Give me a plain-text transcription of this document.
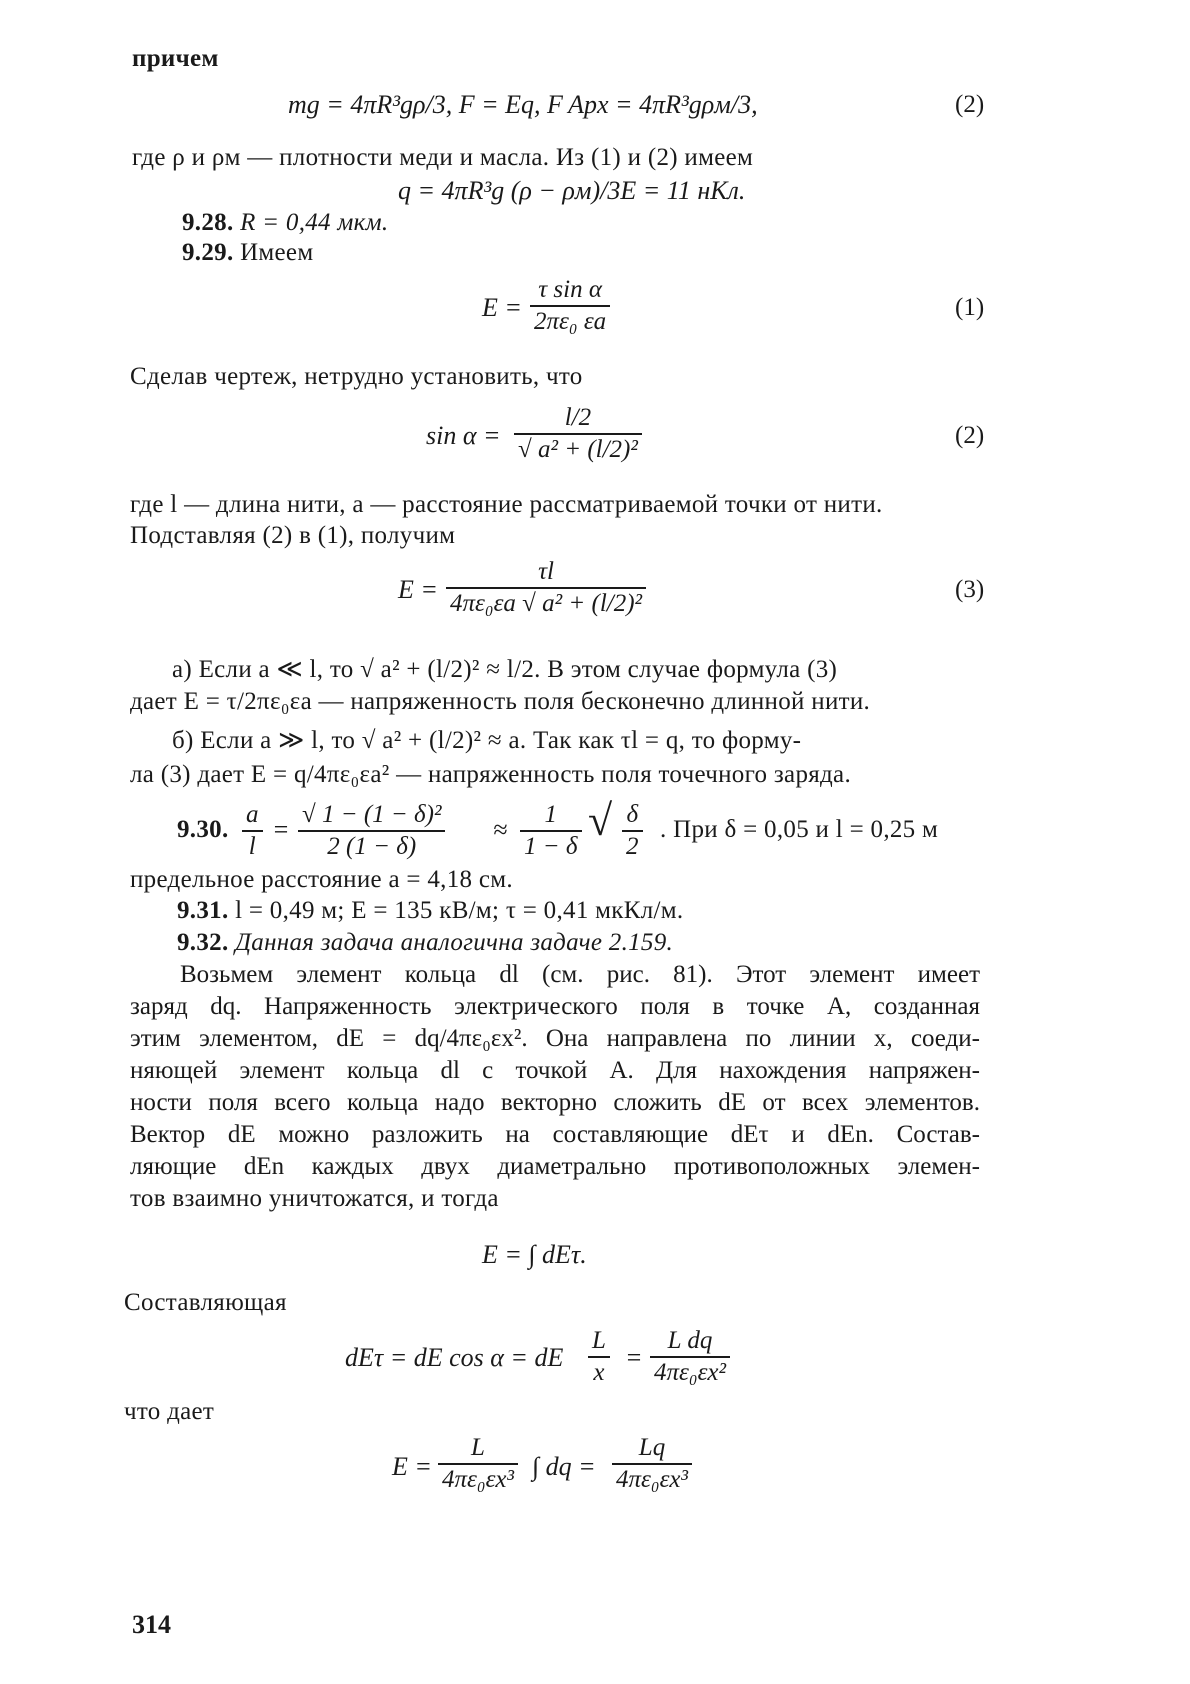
причем
mg = 4πR³gρ/3, F = Eq, F Apx = 4πR³gρм/3,	(2)
где ρ и ρм — плотности меди и масла. Из (1) и (2) имеем
q = 4πR³g (ρ − ρм)/3E = 11 нКл.
9.28. R = 0,44 мкм.
9.29. Имеем
$E = \frac{\text{τ sin α}}{\text{2πε₀ εa}}$	(1)
Сделав чертеж, нетрудно установить, что
$\sin \alpha = \frac{l/2}{\text{√ a² + (l/2)²}}$	(2)
где l — длина нити, a — расстояние рассматриваемой точки от нити.
Подставляя (2) в (1), получим
$E = \frac{\tau l}{\text{4πε₀εa √ a² + (l/2)²}}$	(3)
а) Если a ≪ l, то √ a² + (l/2)² ≈ l/2. В этом случае формула (3)
дает E = τ/2πε₀εa — напряженность поля бесконечно длинной нити.
б) Если a ≫ l, то √ a² + (l/2)² ≈ a. Так как τl = q, то форму-
ла (3) дает E = q/4πε₀εa² — напряженность поля точечного заряда.
9.30. $\frac{a}{l} = \frac{\text{√ 1 − (1 − δ)²}}{2 (1 - \delta)} \approx \frac{1}{1 - \delta}$ √ $\frac{\delta}{2}$ . При δ = 0,05 и l = 0,25 м
предельное расстояние a = 4,18 см.
9.31. l = 0,49 м; E = 135 кВ/м; τ = 0,41 мкКл/м.
9.32. Данная задача аналогична задаче 2.159.
Возьмем элемент кольца dl (см. рис. 81). Этот элемент имеет
заряд dq. Напряженность электрического поля в точке A, созданная
этим элементом, dE = dq/4πε₀εx². Она направлена по линии x, соеди-
няющей элемент кольца dl с точкой A. Для нахождения напряжен-
ности поля всего кольца надо векторно сложить dE от всех элементов.
Вектор dE можно разложить на составляющие dEτ и dEn. Состав-
ляющие dEn каждых двух диаметрально противоположных элемен-
тов взаимно уничтожатся, и тогда
E = ∫ dEτ.
Составляющая
dEτ = dE cos α = dE $\frac{L}{x} = \frac{\text{L dq}}{\text{4πε₀εx²}}$
что дает
$E = \frac{L}{\text{4πε₀εx³}}$ ∫ dq = $\frac{Lq}{\text{4πε₀εx³}}$
314
